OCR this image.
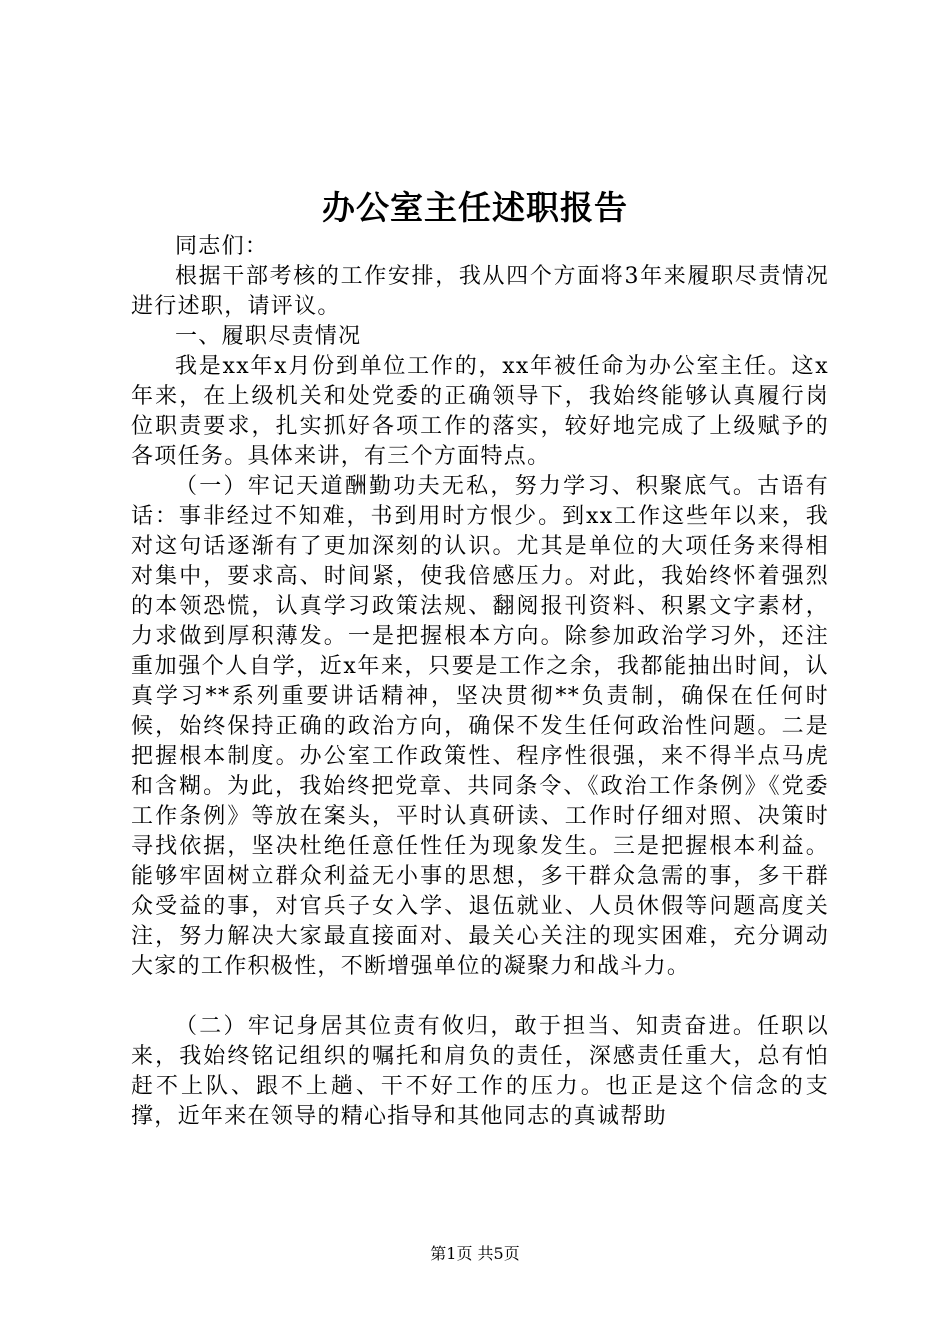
办公室主任述职报告

同志们：

根据干部考核的工作安排，我从四个方面将3年来履职尽责情况进行述职，请评议。

一、履职尽责情况

我是xx年x月份到单位工作的，xx年被任命为办公室主任。这x年来，在上级机关和处党委的正确领导下，我始终能够认真履行岗位职责要求，扎实抓好各项工作的落实，较好地完成了上级赋予的各项任务。具体来讲，有三个方面特点。

（一）牢记天道酬勤功夫无私，努力学习、积聚底气。古语有话：事非经过不知难，书到用时方恨少。到xx工作这些年以来，我对这句话逐渐有了更加深刻的认识。尤其是单位的大项任务来得相对集中，要求高、时间紧，使我倍感压力。对此，我始终怀着强烈的本领恐慌，认真学习政策法规、翻阅报刊资料、积累文字素材，力求做到厚积薄发。一是把握根本方向。除参加政治学习外，还注重加强个人自学，近x年来，只要是工作之余，我都能抽出时间，认真学习**系列重要讲话精神，坚决贯彻**负责制，确保在任何时候，始终保持正确的政治方向，确保不发生任何政治性问题。二是把握根本制度。办公室工作政策性、程序性很强，来不得半点马虎和含糊。为此，我始终把党章、共同条令、《政治工作条例》《党委工作条例》等放在案头，平时认真研读、工作时仔细对照、决策时寻找依据，坚决杜绝任意任性任为现象发生。三是把握根本利益。能够牢固树立群众利益无小事的思想，多干群众急需的事，多干群众受益的事，对官兵子女入学、退伍就业、人员休假等问题高度关注，努力解决大家最直接面对、最关心关注的现实困难，充分调动大家的工作积极性，不断增强单位的凝聚力和战斗力。

（二）牢记身居其位责有攸归，敢于担当、知责奋进。任职以来，我始终铭记组织的嘱托和肩负的责任，深感责任重大，总有怕赶不上队、跟不上趟、干不好工作的压力。也正是这个信念的支撑，近年来在领导的精心指导和其他同志的真诚帮助

第1页 共5页
